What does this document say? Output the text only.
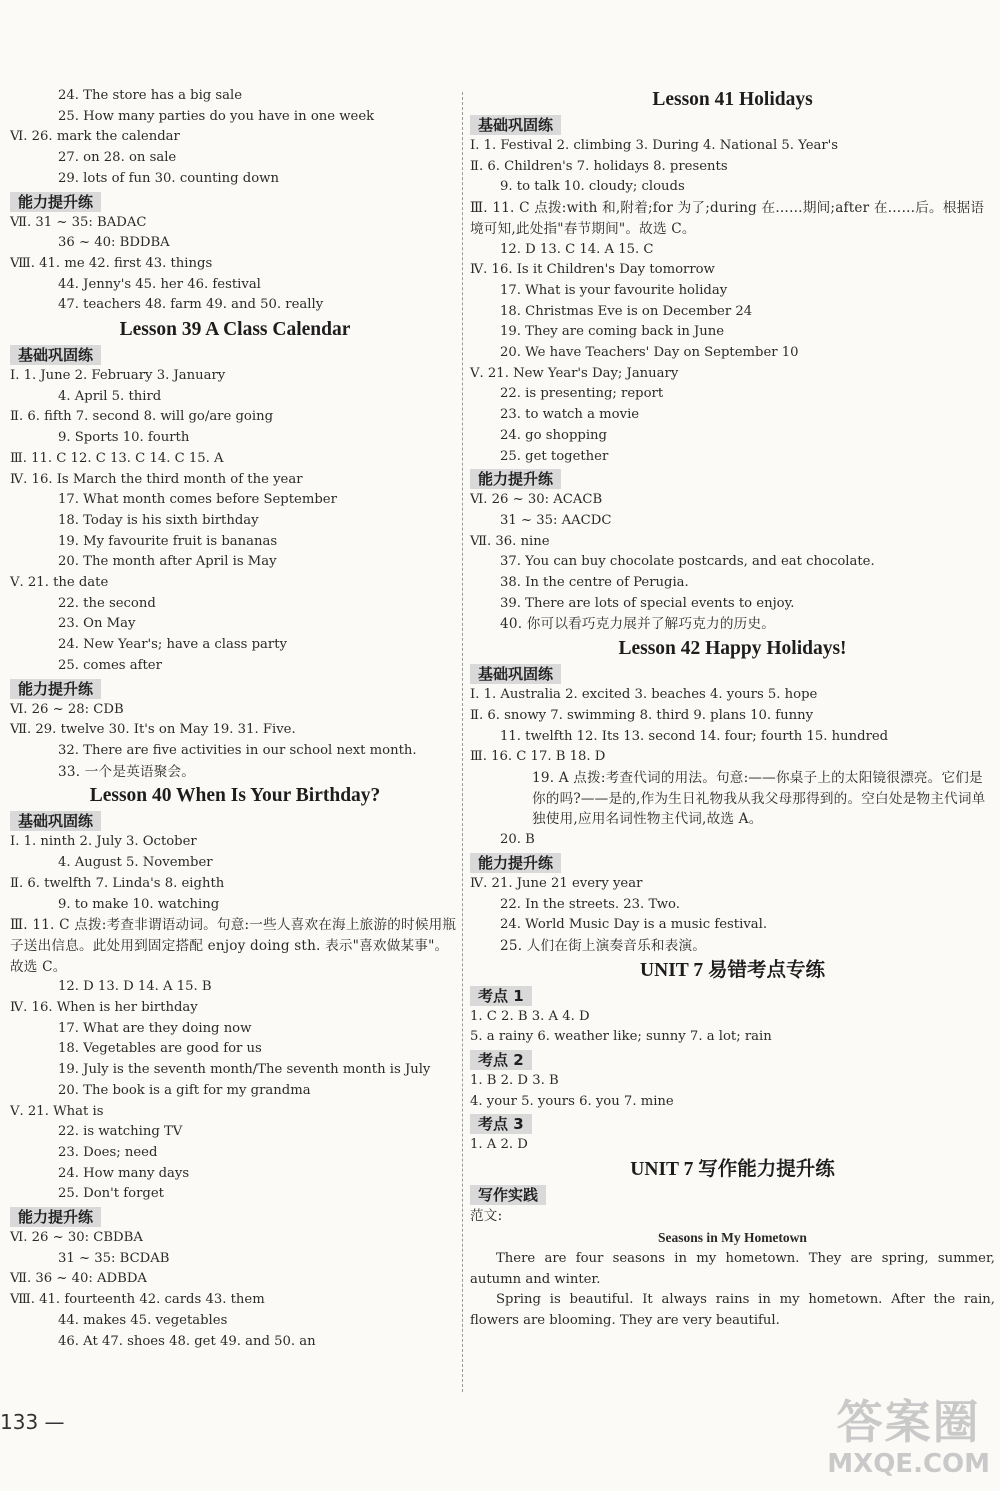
24. The store has a big sale
25. How many parties do you have in one week
Ⅵ. 26. mark the calendar
27. on 28. on sale
29. lots of fun 30. counting down
能力提升练
Ⅶ. 31 ~ 35: BADAC
36 ~ 40: BDDBA
Ⅷ. 41. me 42. first 43. things
44. Jenny's 45. her 46. festival
47. teachers 48. farm 49. and 50. really
Lesson 39 A Class Calendar
基础巩固练
Ⅰ. 1. June 2. February 3. January
4. April 5. third
Ⅱ. 6. fifth 7. second 8. will go/are going
9. Sports 10. fourth
Ⅲ. 11. C 12. C 13. C 14. C 15. A
Ⅳ. 16. Is March the third month of the year
17. What month comes before September
18. Today is his sixth birthday
19. My favourite fruit is bananas
20. The month after April is May
Ⅴ. 21. the date
22. the second
23. On May
24. New Year's; have a class party
25. comes after
能力提升练
Ⅵ. 26 ~ 28: CDB
Ⅶ. 29. twelve 30. It's on May 19. 31. Five.
32. There are five activities in our school next month.
33. 一个是英语聚会。
Lesson 40 When Is Your Birthday?
基础巩固练
Ⅰ. 1. ninth 2. July 3. October
4. August 5. November
Ⅱ. 6. twelfth 7. Linda's 8. eighth
9. to make 10. watching
Ⅲ. 11. C 点拨:考查非谓语动词。句意:一些人喜欢在海上旅游的时候用瓶子送出信息。此处用到固定搭配 enjoy doing sth. 表示"喜欢做某事"。故选 C。
12. D 13. D 14. A 15. B
Ⅳ. 16. When is her birthday
17. What are they doing now
18. Vegetables are good for us
19. July is the seventh month/The seventh month is July
20. The book is a gift for my grandma
Ⅴ. 21. What is
22. is watching TV
23. Does; need
24. How many days
25. Don't forget
能力提升练
Ⅵ. 26 ~ 30: CBDBA
31 ~ 35: BCDAB
Ⅶ. 36 ~ 40: ADBDA
Ⅷ. 41. fourteenth 42. cards 43. them
44. makes 45. vegetables
46. At 47. shoes 48. get 49. and 50. an
Lesson 41 Holidays
基础巩固练
Ⅰ. 1. Festival 2. climbing 3. During 4. National 5. Year's
Ⅱ. 6. Children's 7. holidays 8. presents
9. to talk 10. cloudy; clouds
Ⅲ. 11. C 点拨:with 和,附着;for 为了;during 在……期间;after 在……后。根据语境可知,此处指"春节期间"。故选 C。
12. D 13. C 14. A 15. C
Ⅳ. 16. Is it Children's Day tomorrow
17. What is your favourite holiday
18. Christmas Eve is on December 24
19. They are coming back in June
20. We have Teachers' Day on September 10
Ⅴ. 21. New Year's Day; January
22. is presenting; report
23. to watch a movie
24. go shopping
25. get together
能力提升练
Ⅵ. 26 ~ 30: ACACB
31 ~ 35: AACDC
Ⅶ. 36. nine
37. You can buy chocolate postcards, and eat chocolate.
38. In the centre of Perugia.
39. There are lots of special events to enjoy.
40. 你可以看巧克力展并了解巧克力的历史。
Lesson 42 Happy Holidays!
基础巩固练
Ⅰ. 1. Australia 2. excited 3. beaches 4. yours 5. hope
Ⅱ. 6. snowy 7. swimming 8. third 9. plans 10. funny
11. twelfth 12. Its 13. second 14. four; fourth 15. hundred
Ⅲ. 16. C 17. B 18. D
19. A 点拨:考查代词的用法。句意:——你桌子上的太阳镜很漂亮。它们是你的吗?——是的,作为生日礼物我从我父母那得到的。空白处是物主代词单独使用,应用名词性物主代词,故选 A。
20. B
能力提升练
Ⅳ. 21. June 21 every year
22. In the streets. 23. Two.
24. World Music Day is a music festival.
25. 人们在街上演奏音乐和表演。
UNIT 7 易错考点专练
考点 1
1. C 2. B 3. A 4. D
5. a rainy 6. weather like; sunny 7. a lot; rain
考点 2
1. B 2. D 3. B
4. your 5. yours 6. you 7. mine
考点 3
1. A 2. D
UNIT 7 写作能力提升练
写作实践
范文:
Seasons in My Hometown
There are four seasons in my hometown. They are spring, summer, autumn and winter.
Spring is beautiful. It always rains in my hometown. After the rain, flowers are blooming. They are very beautiful.
133 —	答案圈
MXQE.COM
